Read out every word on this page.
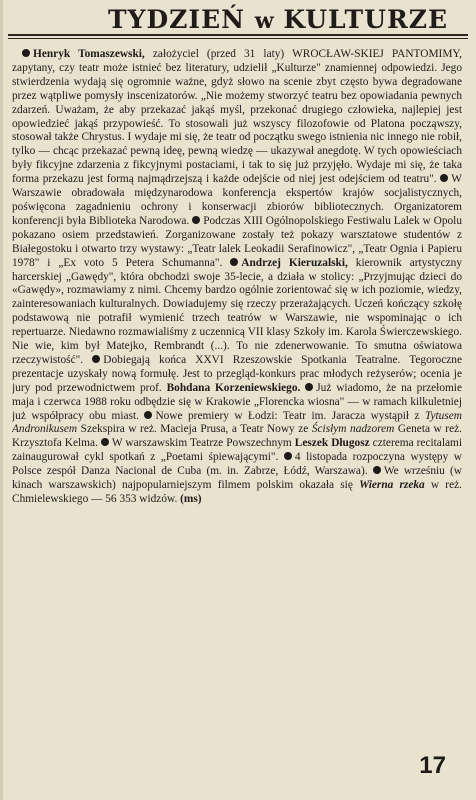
TYDZIEŃ w KULTURZE

Henryk Tomaszewski, założyciel (przed 31 laty) WROCŁAW-SKIEJ PANTOMIMY, zapytany, czy teatr może istnieć bez literatury, udzielił „Kulturze" znamiennej odpowiedzi. Jego stwierdzenia wydają się ogromnie ważne, gdyż słowo na scenie zbyt często bywa degradowane przez wątpliwe pomysły inscenizatorów. „Nie możemy stworzyć teatru bez opowiadania pewnych zdarzeń. Uważam, że aby przekazać jakąś myśl, przekonać drugiego człowieka, najlepiej jest opowiedzieć jakąś przypowieść. To stosowali już wszyscy filozofowie od Platona począwszy, stosował także Chrystus. I wydaje mi się, że teatr od początku swego istnienia nic innego nie robił, tylko — chcąc przekazać pewną ideę, pewną wiedzę — ukazywał anegdotę. W tych opowieściach były fikcyjne zdarzenia z fikcyjnymi postaciami, i tak to się już przyjęło. Wydaje mi się, że taka forma przekazu jest formą najmądrzejszą i każde odejście od niej jest odejściem od teatru". W Warszawie obradowała międzynarodowa konferencja ekspertów krajów socjalistycznych, poświęcona zagadnieniu ochrony i konserwacji zbiorów bibliotecznych. Organizatorem konferencji była Biblioteka Narodowa. Podczas XIII Ogólnopolskiego Festiwalu Lalek w Opolu pokazano osiem przedstawień. Zorganizowane zostały też pokazy warsztatowe studentów z Białegostoku i otwarto trzy wystawy: „Teatr lalek Leokadii Serafinowicz", „Teatr Ognia i Papieru 1978" i „Ex voto 5 Petera Schumanna". Andrzej Kieruzalski, kierownik artystyczny harcerskiej „Gawędy", która obchodzi swoje 35-lecie, a działa w stolicy: „Przyjmując dzieci do «Gawędy», rozmawiamy z nimi. Chcemy bardzo ogólnie zorientować się w ich poziomie, wiedzy, zainteresowaniach kulturalnych. Dowiadujemy się rzeczy przerażających. Uczeń kończący szkołę podstawową nie potrafił wymienić trzech teatrów w Warszawie, nie wspominając o ich repertuarze. Niedawno rozmawialiśmy z uczennicą VII klasy Szkoły im. Karola Świerczewskiego. Nie wie, kim był Matejko, Rembrandt (...). To nie zdenerwowanie. To smutna oświatowa rzeczywistość". Dobiegają końca XXVI Rzeszowskie Spotkania Teatralne. Tegoroczne prezentacje uzyskały nową formułę. Jest to przegląd-konkurs prac młodych reżyserów; ocenia je jury pod przewodnictwem prof. Bohdana Korzeniewskiego. Już wiadomo, że na przełomie maja i czerwca 1988 roku odbędzie się w Krakowie „Florencka wiosna" — w ramach kilkuletniej już współpracy obu miast. Nowe premiery w Łodzi: Teatr im. Jaracza wystąpił z Tytusem Andronikusem Szekspira w reż. Macieja Prusa, a Teatr Nowy ze Ścisłym nadzorem Geneta w reż. Krzysztofa Kelma. W warszawskim Teatrze Powszechnym Leszek Długosz czterema recitalami zainaugurował cykl spotkań z „Poetami śpiewającymi". 4 listopada rozpoczyna występy w Polsce zespół Danza Nacional de Cuba (m. in. Zabrze, Łódź, Warszawa). We wrześniu (w kinach warszawskich) najpopularniejszym filmem polskim okazała się Wierna rzeka w reż. Chmielewskiego — 56 353 widzów. (ms)

17
